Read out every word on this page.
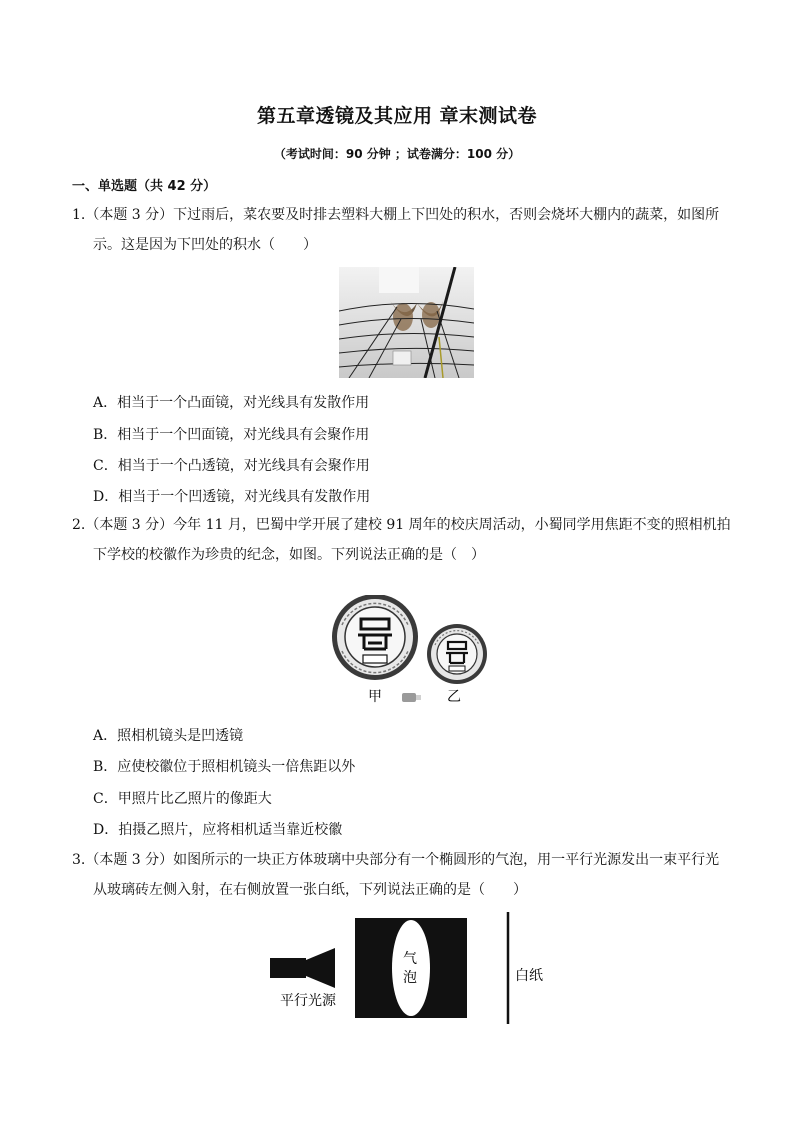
第五章透镜及其应用 章末测试卷
（考试时间：90 分钟 ；试卷满分：100 分）
一、单选题（共 42 分）
1.（本题 3 分）下过雨后，菜农要及时排去塑料大棚上下凹处的积水，否则会烧坏大棚内的蔬菜，如图所
示。这是因为下凹处的积水（　　）
A．相当于一个凸面镜，对光线具有发散作用
B．相当于一个凹面镜，对光线具有会聚作用
C．相当于一个凸透镜，对光线具有会聚作用
D．相当于一个凹透镜，对光线具有发散作用
2.（本题 3 分）今年 11 月，巴蜀中学开展了建校 91 周年的校庆周活动，小蜀同学用焦距不变的照相机拍
下学校的校徽作为珍贵的纪念，如图。下列说法正确的是（　）
甲	乙
A．照相机镜头是凹透镜
B．应使校徽位于照相机镜头一倍焦距以外
C．甲照片比乙照片的像距大
D．拍摄乙照片，应将相机适当靠近校徽
3.（本题 3 分）如图所示的一块正方体玻璃中央部分有一个椭圆形的气泡，用一平行光源发出一束平行光
从玻璃砖左侧入射，在右侧放置一张白纸，下列说法正确的是（　　）
平行光源
气
泡	白纸
